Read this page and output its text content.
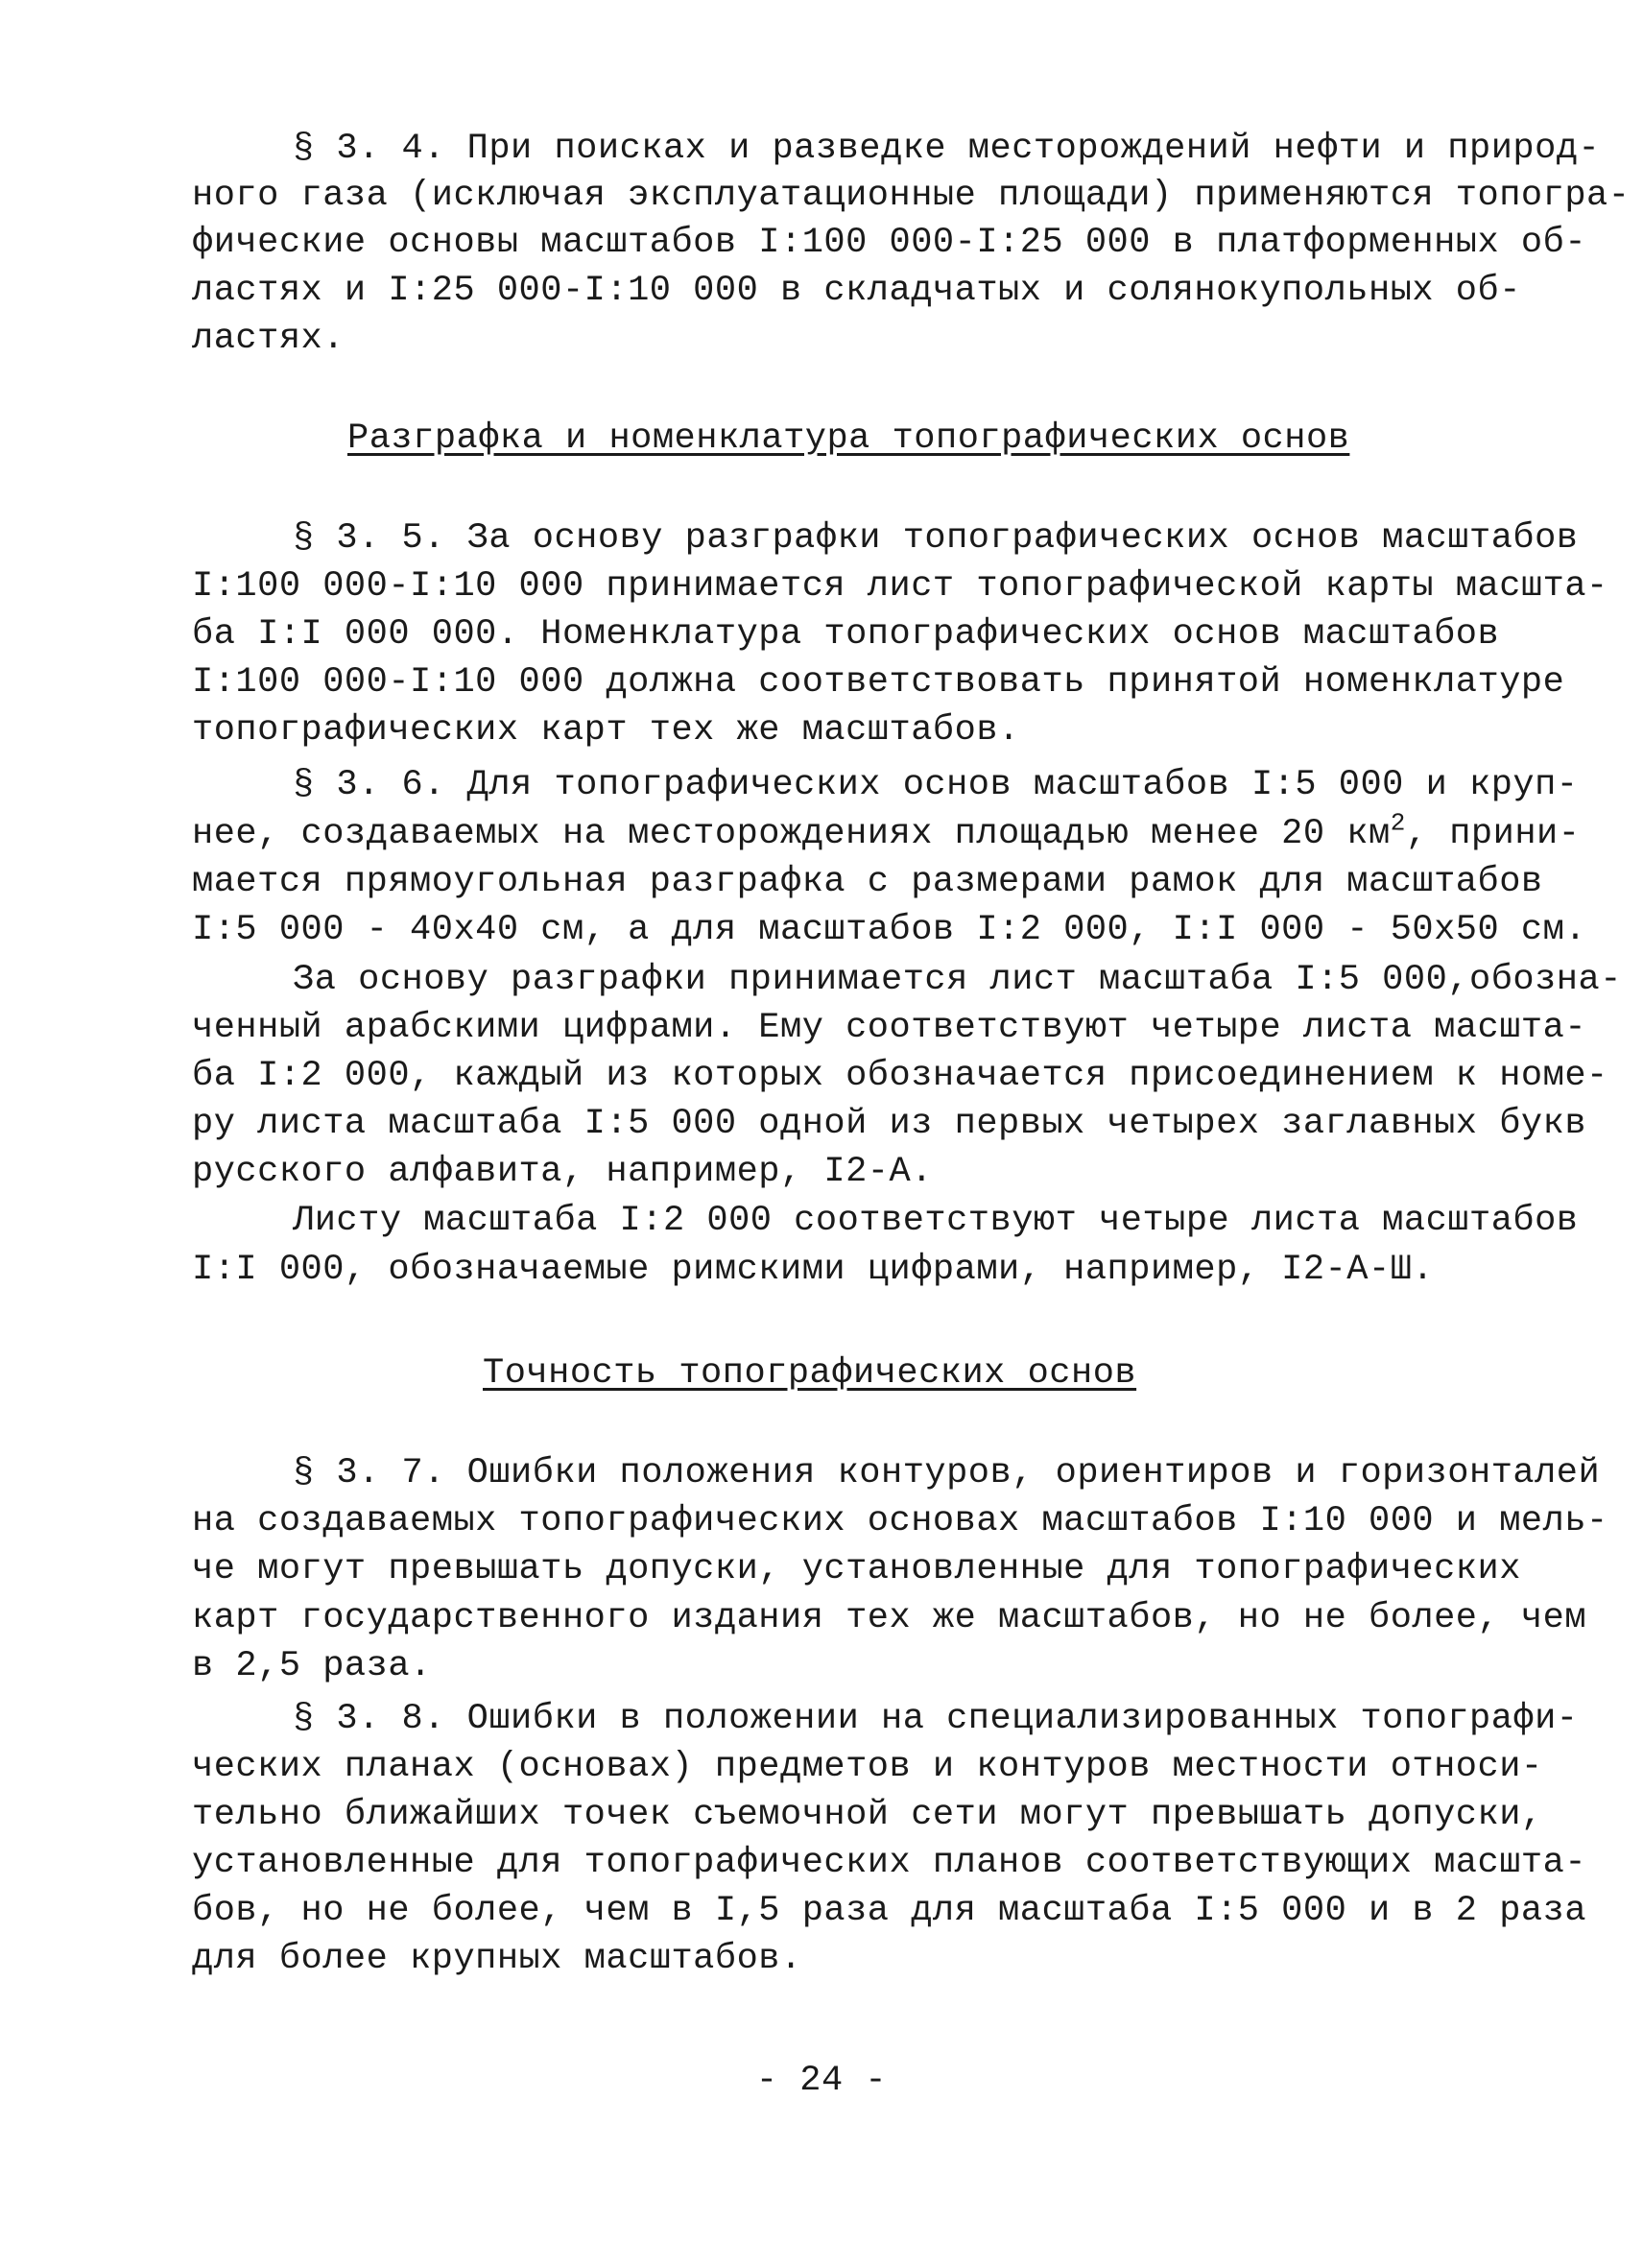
§ 3. 4. При поисках и разведке месторождений нефти и природ-
ного газа (исключая эксплуатационные площади) применяются топогра-
фические основы масштабов I:100 000-I:25 000 в платформенных об-
ластях и I:25 000-I:10 000 в складчатых и солянокупольных об-
ластях.
Разграфка и номенклатура топографических основ
§ 3. 5. За основу разграфки топографических основ масштабов
I:100 000-I:10 000 принимается лист топографической карты масшта-
ба I:I 000 000. Номенклатура топографических основ масштабов
I:100 000-I:10 000 должна соответствовать принятой номенклатуре
топографических карт тех же масштабов.
§ 3. 6. Для топографических основ масштабов I:5 000 и круп-
нее, создаваемых на месторождениях площадью менее 20 $км^2$, прини-
мается прямоугольная разграфка с размерами рамок для масштабов
I:5 000 - 40x40 см, а для масштабов I:2 000, I:I 000 - 50x50 см.
За основу разграфки принимается лист масштаба I:5 000,обозна-
ченный арабскими цифрами. Ему соответствуют четыре листа масшта-
ба I:2 000, каждый из которых обозначается присоединением к номе-
ру листа масштаба I:5 000 одной из первых четырех заглавных букв
русского алфавита, например, I2-А.
Листу масштаба I:2 000 соответствуют четыре листа масштабов
I:I 000, обозначаемые римскими цифрами, например, I2-А-Ш.
Точность топографических основ
§ 3. 7. Ошибки положения контуров, ориентиров и горизонталей
на создаваемых топографических основах масштабов I:10 000 и мель-
че могут превышать допуски, установленные для топографических
карт государственного издания тех же масштабов, но не более, чем
в 2,5 раза.
§ 3. 8. Ошибки в положении на специализированных топографи-
ческих планах (основах) предметов и контуров местности относи-
тельно ближайших точек съемочной сети могут превышать допуски,
установленные для топографических планов соответствующих масшта-
бов, но не более, чем в I,5 раза для масштаба I:5 000 и в 2 раза
для более крупных масштабов.
- 24 -
